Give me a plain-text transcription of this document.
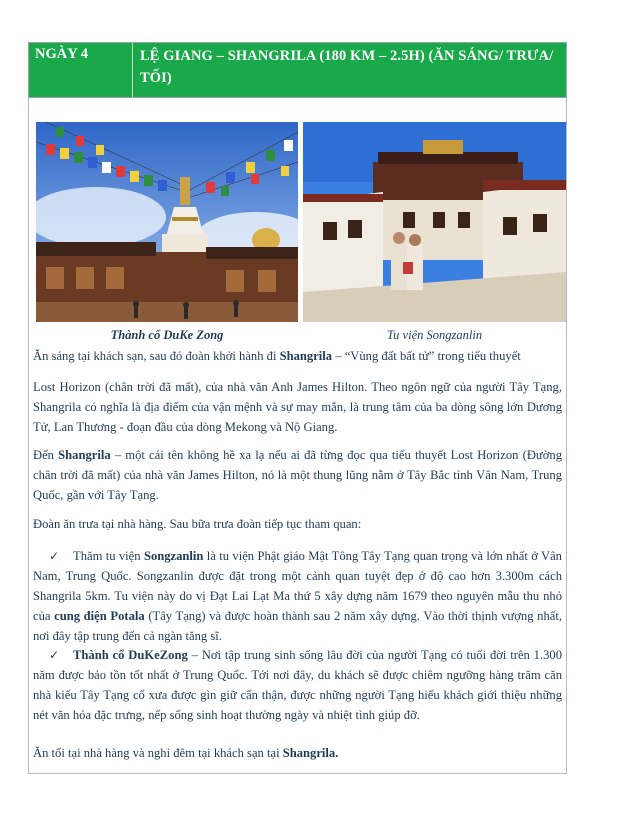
NGÀY 4	LỆ GIANG – SHANGRILA (180 KM – 2.5H) (ĂN SÁNG/ TRƯA/ TỐI)
Thành cổ DuKe Zong	Tu viện Songzanlin
Ăn sáng tại khách sạn, sau đó đoàn khởi hành đi Shangrila – “Vùng đất bất tử” trong tiểu thuyết
Lost Horizon (chân trời đã mất), của nhà văn Anh James Hilton. Theo ngôn ngữ của người Tây Tạng, Shangrila có nghĩa là địa điểm của vận mệnh và sự may mắn, là trung tâm của ba dòng sông lớn Dương Tử, Lan Thương - đoạn đầu của dòng Mekong và Nộ Giang.
Đến Shangrila – một cái tên không hề xa lạ nếu ai đã từng đọc qua tiểu thuyết Lost Horizon (Đường chân trời đã mất) của nhà văn James Hilton, nó là một thung lũng nằm ở Tây Bắc tỉnh Vân Nam, Trung Quốc, gần với Tây Tạng.
Đoàn ăn trưa tại nhà hàng. Sau bữa trưa đoàn tiếp tục tham quan:
✓ Thăm tu viện Songzanlin là tu viện Phật giáo Mật Tông Tây Tạng quan trọng và lớn nhất ở Vân Nam, Trung Quốc. Songzanlin được đặt trong một cảnh quan tuyệt đẹp ở độ cao hơn 3.300m cách Shangrila 5km. Tu viện này do vị Đạt Lai Lạt Ma thứ 5 xây dựng năm 1679 theo nguyên mẫu thu nhỏ của cung điện Potala (Tây Tạng) và được hoàn thành sau 2 năm xây dựng. Vào thời thịnh vượng nhất, nơi đây tập trung đến cả ngàn tăng sĩ.
✓ Thành cổ DuKeZong – Nơi tập trung sinh sống lâu đời của người Tạng có tuổi đời trên 1.300 năm được bảo tồn tốt nhất ở Trung Quốc. Tới nơi đây, du khách sẽ được chiêm ngưỡng hàng trăm căn nhà kiểu Tây Tạng cổ xưa được gìn giữ cẩn thận, được những người Tạng hiếu khách giới thiệu những nét văn hóa đặc trưng, nếp sống sinh hoạt thường ngày và nhiệt tình giúp đỡ.
Ăn tối tại nhà hàng và nghỉ đêm tại khách sạn tại Shangrila.
